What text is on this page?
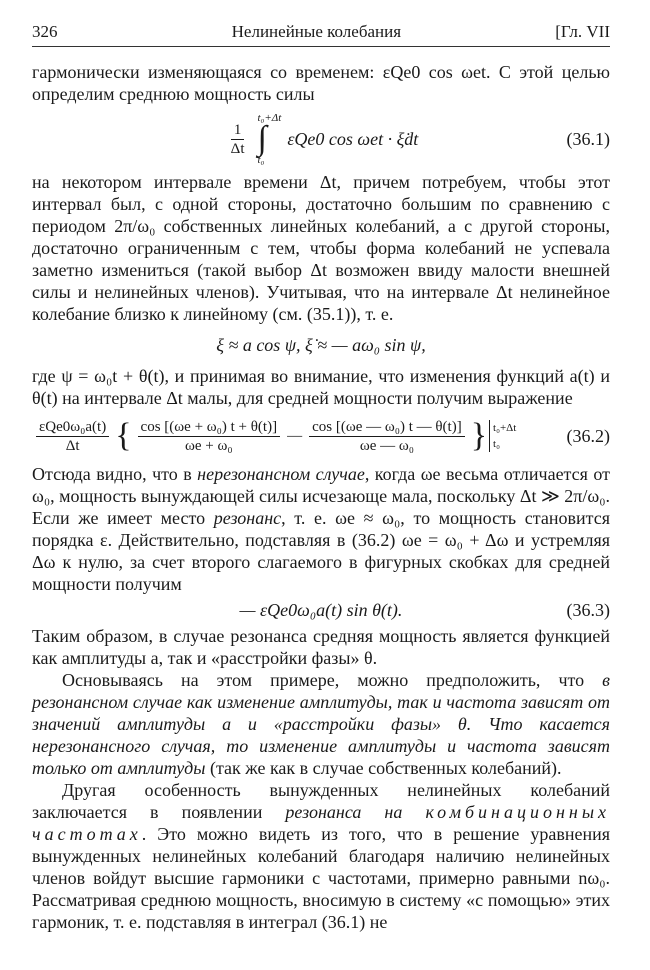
326	Нелинейные колебания	[Гл. VII

гармонически изменяющаяся со временем: εQe0 cos ωet. С этой целью определим среднюю мощность силы

$\frac{1}{\Delta t}$
t₀+Δt
∫
t₀
εQe0 cos ωet · ξ̇dt	(36.1)

на некотором интервале времени Δt, причем потребуем, чтобы этот интервал был, с одной стороны, достаточно большим по сравнению с периодом 2π/ω₀ собственных линейных колебаний, а с другой стороны, достаточно ограниченным с тем, чтобы форма колебаний не успевала заметно измениться (такой выбор Δt возможен ввиду малости внешней силы и нелинейных членов). Учитывая, что на интервале Δt нелинейное колебание близко к линейному (см. (35.1)), т. е.

ξ ≈ a cos ψ, ξ̇ ≈ — aω₀ sin ψ,

где ψ = ω₀t + θ(t), и принимая во внимание, что изменения функций a(t) и θ(t) на интервале Δt малы, для средней мощности получим выражение

$\frac{\text{εQe0ω₀a(t)}}{\Delta t}$ { $\frac{\text{cos [(ωe + ω₀) t + θ(t)]}}{\text{ωe + ω₀}}$ — $\frac{\text{cos [(ωe — ω₀) t — θ(t)]}}{\text{ωe — ω₀}}$ } t₀+Δt
t₀	(36.2)

Отсюда видно, что в нерезонансном случае, когда ωe весьма отличается от ω₀, мощность вынуждающей силы исчезающе мала, поскольку Δt ≫ 2π/ω₀. Если же имеет место резонанс, т. е. ωe ≈ ω₀, то мощность становится порядка ε. Действительно, подставляя в (36.2) ωe = ω₀ + Δω и устремляя Δω к нулю, за счет второго слагаемого в фигурных скобках для средней мощности получим

— εQe0ω₀a(t) sin θ(t).	(36.3)

Таким образом, в случае резонанса средняя мощность является функцией как амплитуды a, так и «расстройки фазы» θ.

Основываясь на этом примере, можно предположить, что в резонансном случае как изменение амплитуды, так и частота зависят от значений амплитуды a и «расстройки фазы» θ. Что касается нерезонансного случая, то изменение амплитуды и частота зависят только от амплитуды (так же как в случае собственных колебаний).

Другая особенность вынужденных нелинейных колебаний заключается в появлении резонанса на комбинационных частотах. Это можно видеть из того, что в решение уравнения вынужденных нелинейных колебаний благодаря наличию нелинейных членов войдут высшие гармоники с частотами, примерно равными nω₀. Рассматривая среднюю мощность, вносимую в систему «с помощью» этих гармоник, т. е. подставляя в интеграл (36.1) не
